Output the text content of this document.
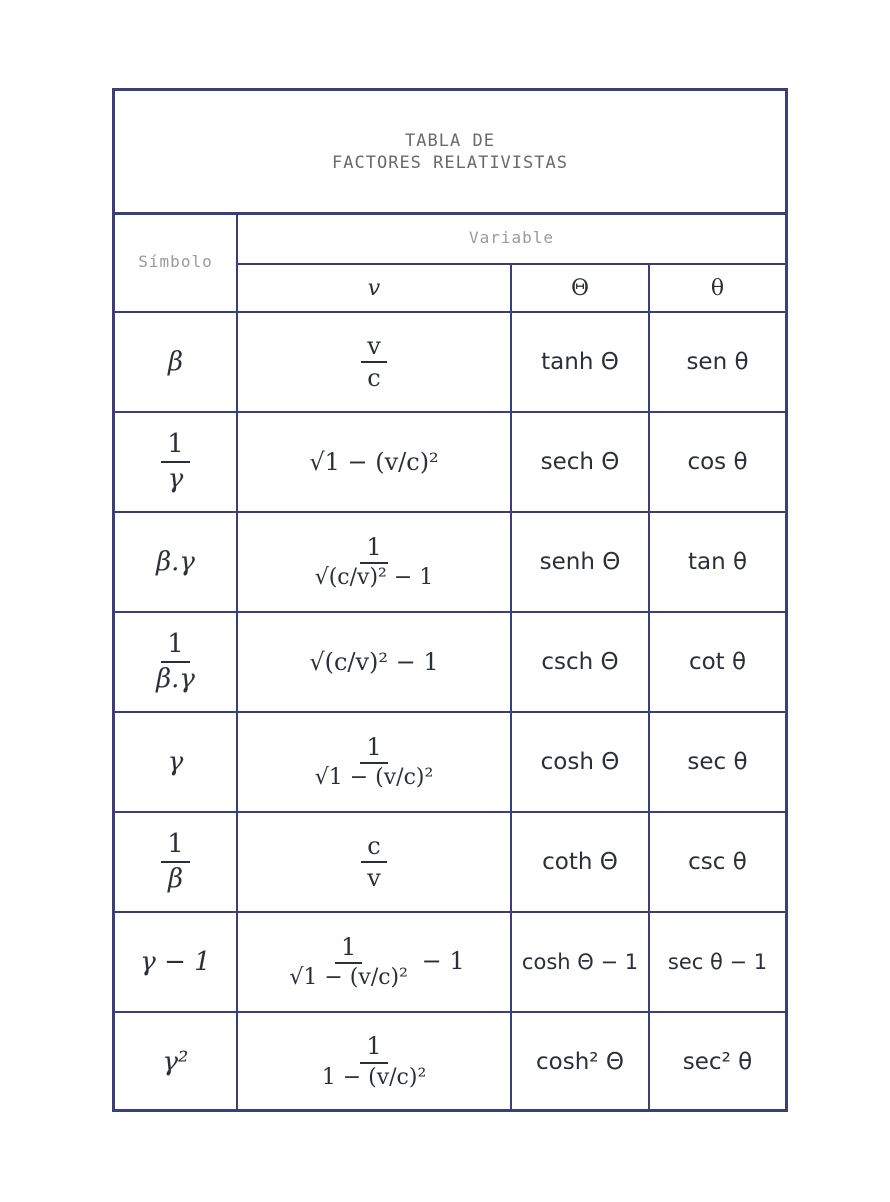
TABLA DE
FACTORES RELATIVISTAS
Símbolo	Variable		
	v	Θ	θ
β	$\frac{v}{c}$	tanh Θ	sen θ

$\frac{1}{\gamma}$	√1 − (v/c)²	sech Θ	cos θ
β.γ	$\frac{1}{\text{√(c/v)² − 1}}$	senh Θ	tan θ

$\frac{1}{\beta.\gamma}$	√(c/v)² − 1	csch Θ	cot θ
γ	$\frac{1}{\text{√1 − (v/c)²}}$	cosh Θ	sec θ

$\frac{1}{\beta}$	$\frac{c}{v}$	coth Θ	csc θ
γ − 1	$\frac{1}{\text{√1 − (v/c)²}} - 1$	cosh Θ − 1	sec θ − 1
γ²	$\frac{1}{\text{1 − (v/c)²}}$	cosh² Θ	sec² θ
